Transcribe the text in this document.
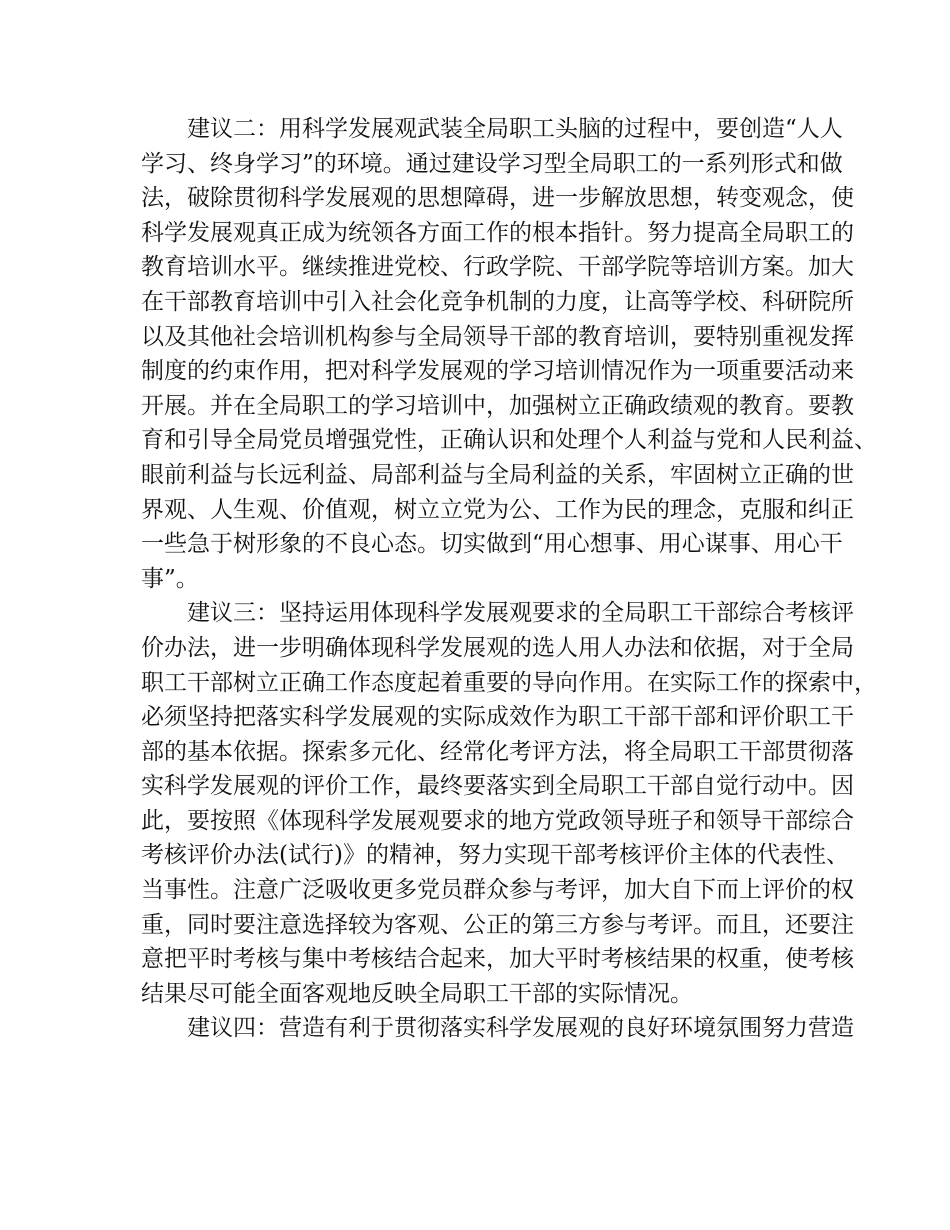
建议二：用科学发展观武装全局职工头脑的过程中，要创造“人人
学习、终身学习”的环境。通过建设学习型全局职工的一系列形式和做
法，破除贯彻科学发展观的思想障碍，进一步解放思想，转变观念，使
科学发展观真正成为统领各方面工作的根本指针。努力提高全局职工的
教育培训水平。继续推进党校、行政学院、干部学院等培训方案。加大
在干部教育培训中引入社会化竞争机制的力度，让高等学校、科研院所
以及其他社会培训机构参与全局领导干部的教育培训，要特别重视发挥
制度的约束作用，把对科学发展观的学习培训情况作为一项重要活动来
开展。并在全局职工的学习培训中，加强树立正确政绩观的教育。要教
育和引导全局党员增强党性，正确认识和处理个人利益与党和人民利益、
眼前利益与长远利益、局部利益与全局利益的关系，牢固树立正确的世
界观、人生观、价值观，树立立党为公、工作为民的理念，克服和纠正
一些急于树形象的不良心态。切实做到“用心想事、用心谋事、用心干
事”。
建议三：坚持运用体现科学发展观要求的全局职工干部综合考核评
价办法，进一步明确体现科学发展观的选人用人办法和依据，对于全局
职工干部树立正确工作态度起着重要的导向作用。在实际工作的探索中，
必须坚持把落实科学发展观的实际成效作为职工干部干部和评价职工干
部的基本依据。探索多元化、经常化考评方法，将全局职工干部贯彻落
实科学发展观的评价工作，最终要落实到全局职工干部自觉行动中。因
此，要按照《体现科学发展观要求的地方党政领导班子和领导干部综合
考核评价办法(试行)》的精神，努力实现干部考核评价主体的代表性、
当事性。注意广泛吸收更多党员群众参与考评，加大自下而上评价的权
重，同时要注意选择较为客观、公正的第三方参与考评。而且，还要注
意把平时考核与集中考核结合起来，加大平时考核结果的权重，使考核
结果尽可能全面客观地反映全局职工干部的实际情况。
建议四：营造有利于贯彻落实科学发展观的良好环境氛围努力营造
